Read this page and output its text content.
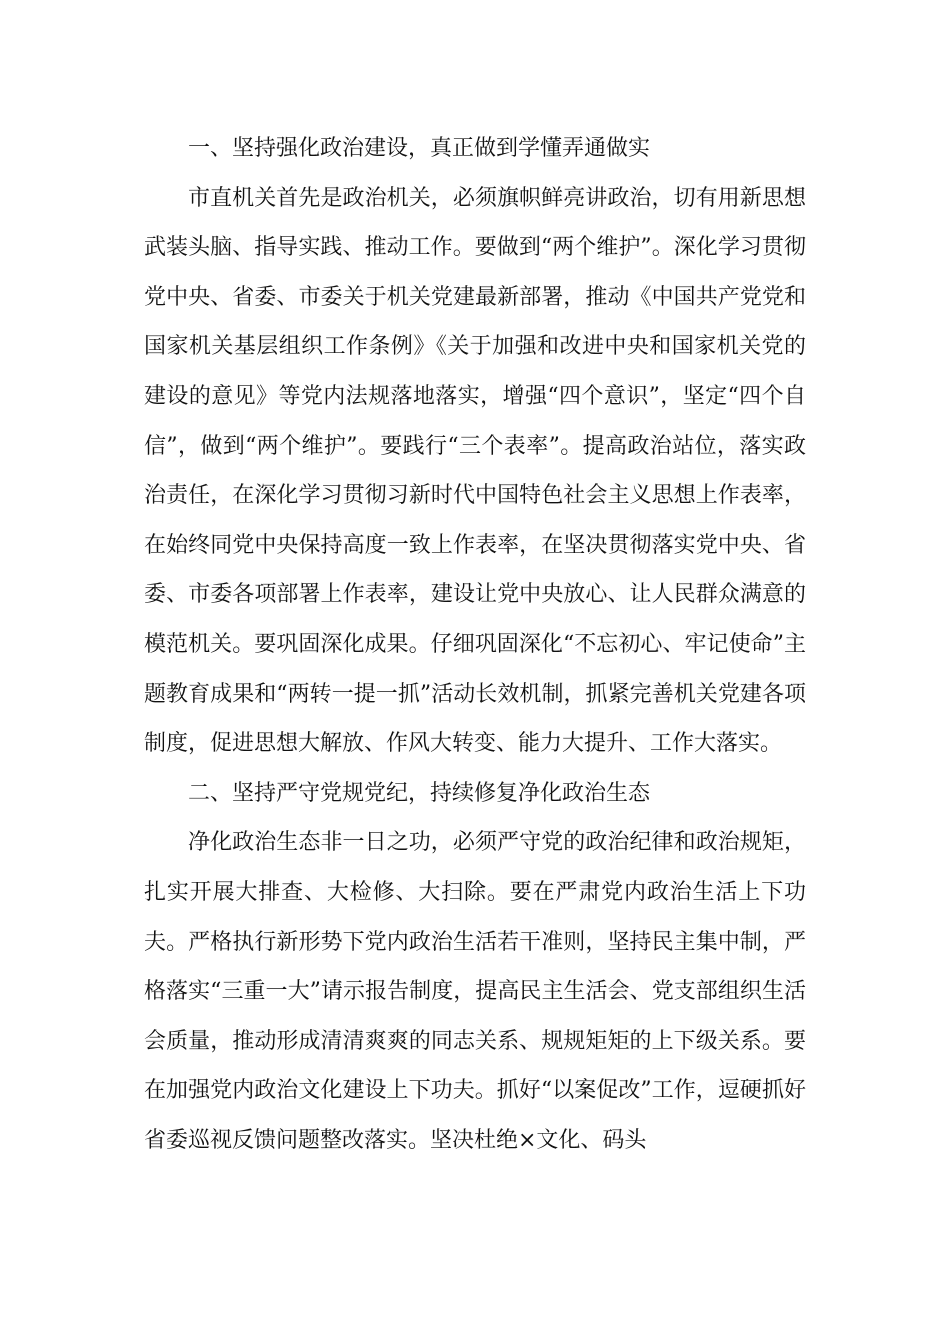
一、坚持强化政治建设，真正做到学懂弄通做实

市直机关首先是政治机关，必须旗帜鲜亮讲政治，切有用新思想武装头脑、指导实践、推动工作。要做到“两个维护”。深化学习贯彻党中央、省委、市委关于机关党建最新部署，推动《中国共产党党和国家机关基层组织工作条例》《关于加强和改进中央和国家机关党的建设的意见》等党内法规落地落实，增强“四个意识”，坚定“四个自信”，做到“两个维护”。要践行“三个表率”。提高政治站位，落实政治责任，在深化学习贯彻习新时代中国特色社会主义思想上作表率，在始终同党中央保持高度一致上作表率，在坚决贯彻落实党中央、省委、市委各项部署上作表率，建设让党中央放心、让人民群众满意的模范机关。要巩固深化成果。仔细巩固深化“不忘初心、牢记使命”主题教育成果和“两转一提一抓”活动长效机制，抓紧完善机关党建各项制度，促进思想大解放、作风大转变、能力大提升、工作大落实。

二、坚持严守党规党纪，持续修复净化政治生态

净化政治生态非一日之功，必须严守党的政治纪律和政治规矩，扎实开展大排查、大检修、大扫除。要在严肃党内政治生活上下功夫。严格执行新形势下党内政治生活若干准则，坚持民主集中制，严格落实“三重一大”请示报告制度，提高民主生活会、党支部组织生活会质量，推动形成清清爽爽的同志关系、规规矩矩的上下级关系。要在加强党内政治文化建设上下功夫。抓好“以案促改”工作，逗硬抓好省委巡视反馈问题整改落实。坚决杜绝×文化、码头
